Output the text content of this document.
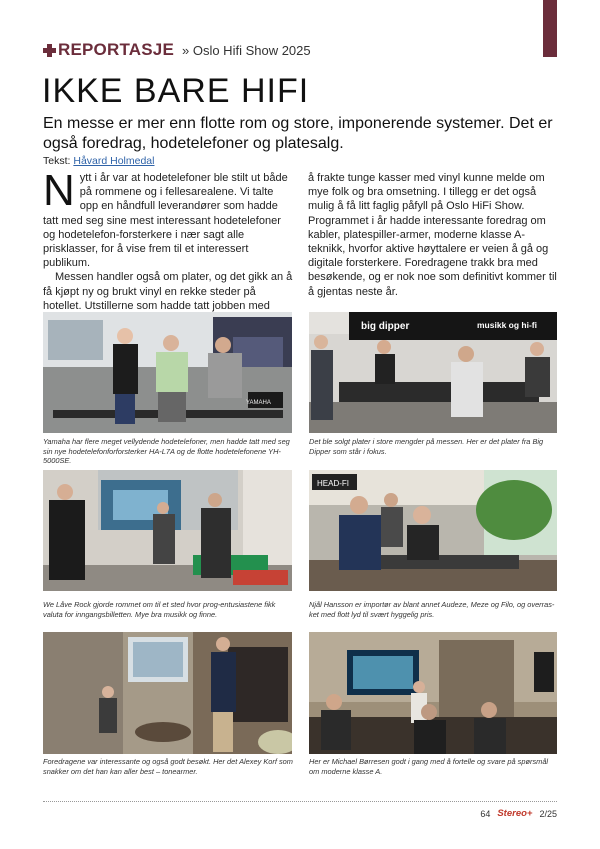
REPORTASJE » Oslo Hifi Show 2025
IKKE BARE HIFI

En messe er mer enn flotte rom og store, imponerende systemer. Det er også foredrag, hodetelefoner og platesalg.

Tekst: Håvard Holmedal

Nytt i år var at hodetelefoner ble stilt ut både på rommene og i fellesarealene. Vi talte opp en håndfull leverandører som hadde tatt med seg sine mest interessant hodetelefoner og hodetelefon-forsterkere i nær sagt alle prisklasser, for å vise frem til et interessert publikum.

Messen handler også om plater, og det gikk an å få kjøpt ny og brukt vinyl en rekke steder på hotellet. Utstillerne som hadde tatt jobben med

å frakte tunge kasser med vinyl kunne melde om mye folk og bra omsetning. I tillegg er det også mulig å få litt faglig påfyll på Oslo HiFi Show. Programmet i år hadde interessante foredrag om kabler, platespiller-armer, moderne klasse A-teknikk, hvorfor aktive høyttalere er veien å gå og digitale forsterkere. Foredragene trakk bra med besøkende, og er nok noe som definitivt kommer til å gjentas neste år.

YAMAHA
Yamaha har flere meget vellydende hodetelefoner, men hadde tatt med seg sin nye hodetelefonforforsterker HA-L7A og de flotte hodetelefonene YH-5000SE.
big dipper	musikk og hi-fi
Det ble solgt plater i store mengder på messen. Her er det plater fra Big Dipper som står i fokus.
We Låve Rock gjorde rommet om til et sted hvor prog-entusiastene fikk valuta for inngangsbilletten. Mye bra musikk og finne.
HEAD-FI
Njål Hansson er importør av blant annet Audeze, Meze og Filo, og overras-ket med flott lyd til svært hyggelig pris.
Foredragene var interessante og også godt besøkt. Her det Alexey Korf som snakker om det han kan aller best – tonearmer.
Her er Michael Børresen godt i gang med å fortelle og svare på spørsmål om moderne klasse A.
64 Stereo+ 2/25
